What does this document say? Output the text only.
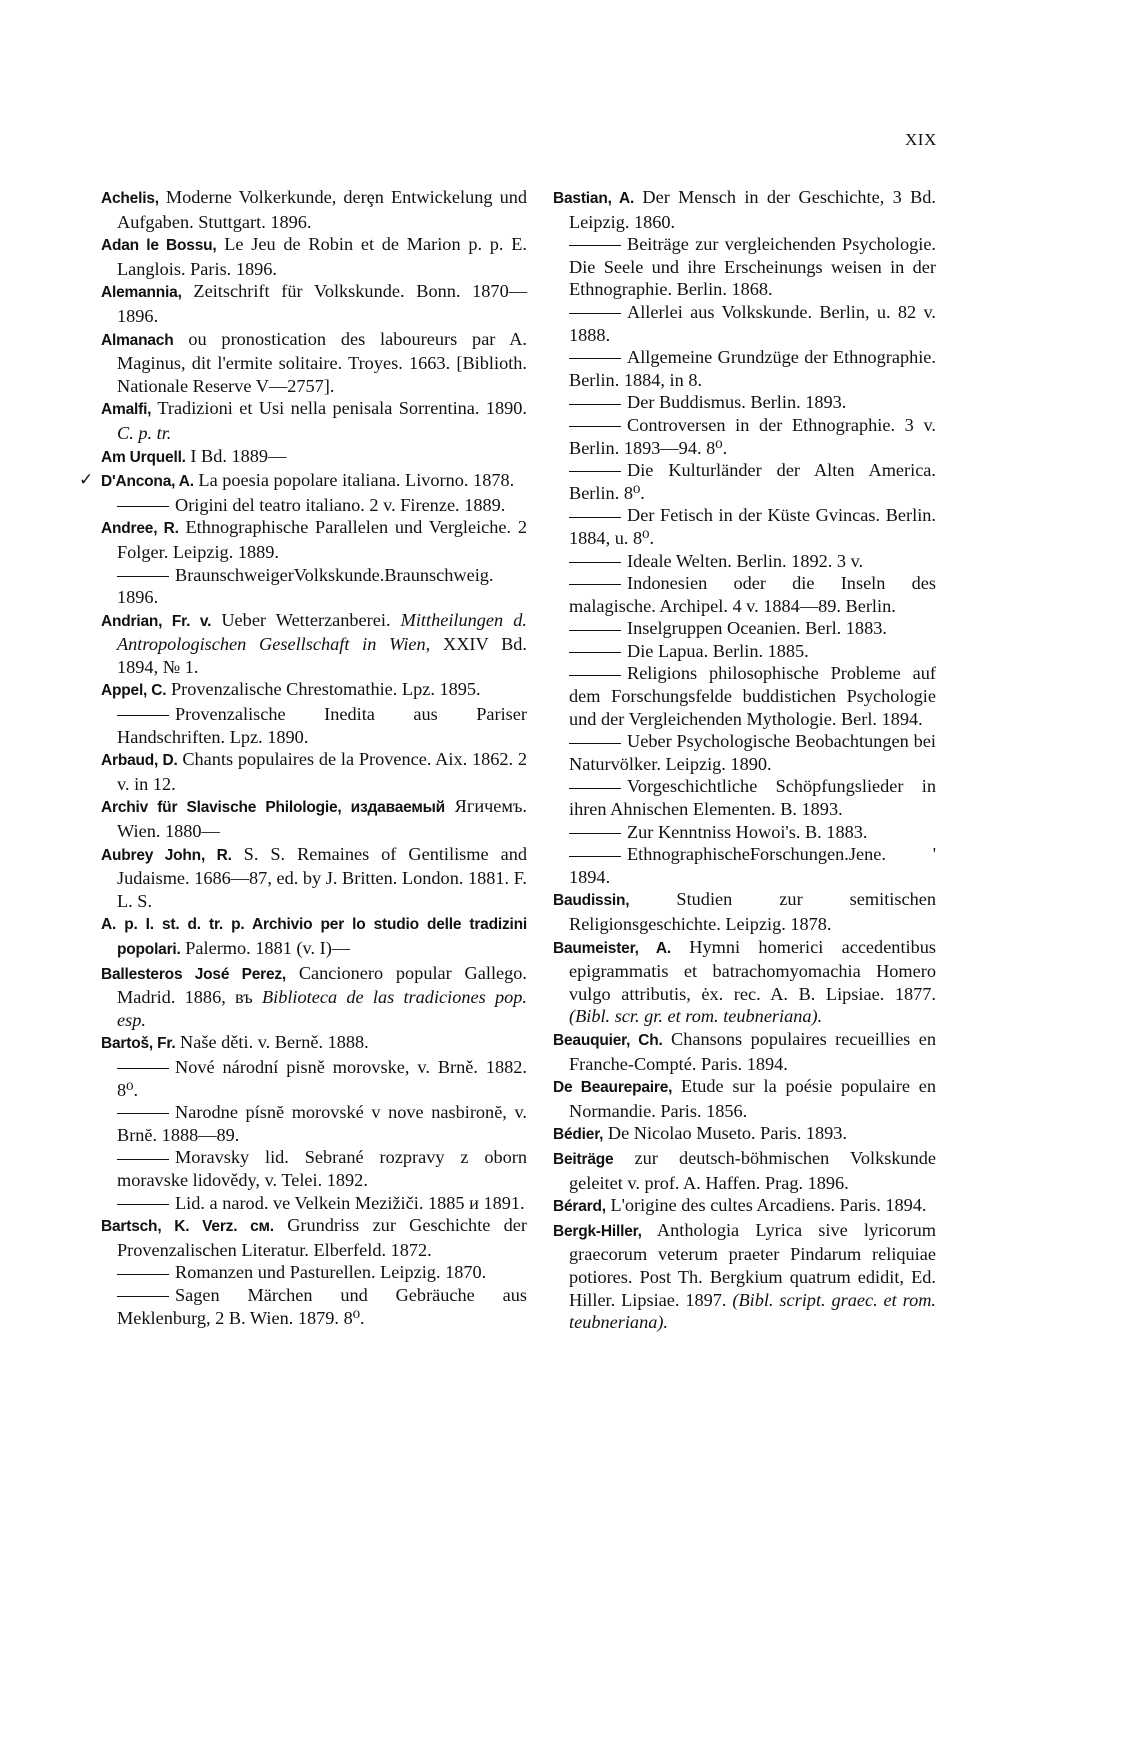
XIX

Achelis, Moderne Volkerkunde, derȩn Entwickelung und Aufgaben. Stuttgart. 1896.

Adan le Bossu, Le Jeu de Robin et de Marion p. p. E. Langlois. Paris. 1896.

Alemannia, Zeitschrift für Volkskunde. Bonn. 1870—1896.

Almanach ou pronostication des laboureurs par A. Maginus, dit l'ermite solitaire. Troyes. 1663. [Biblioth. Nationale Reserve V—2757].

Amalfi, Tradizioni et Usi nella penisala Sorrentina. 1890. C. p. tr.

Am Urquell. I Bd. 1889—

✓ D'Ancona, A. La poesia popolare italiana. Livorno. 1878.

Origini del teatro italiano. 2 v. Firenze. 1889.

Andree, R. Ethnographische Parallelen und Vergleiche. 2 Folger. Leipzig. 1889.

BraunschweigerVolkskunde.Braunschweig. 1896.

Andrian, Fr. v. Ueber Wetterzanberei. Mittheilungen d. Antropologischen Gesellschaft in Wien, XXIV Bd. 1894, № 1.

Appel, C. Provenzalische Chrestomathie. Lpz. 1895.

Provenzalische Inedita aus Pariser Handschriften. Lpz. 1890.

Arbaud, D. Chants populaires de la Provence. Aix. 1862. 2 v. in 12.

Archiv für Slavische Philologie, издаваемый Ягичемъ. Wien. 1880—

Aubrey John, R. S. S. Remaines of Gentilisme and Judaisme. 1686—87, ed. by J. Britten. London. 1881. F. L. S.

A. p. I. st. d. tr. p. Archivio per lo studio delle tradizini popolari. Palermo. 1881 (v. I)—

Ballesteros José Perez, Cancionero popular Gallego. Madrid. 1886, въ Biblioteca de las tradiciones pop. esp.

Bartoš, Fr. Naše děti. v. Berně. 1888.

Nové národní pisně morovske, v. Brně. 1882. 8⁰.

Narodne písnĕ morovské v nove nasbironĕ, v. Brnĕ. 1888—89.

Moravsky lid. Sebrané rozpravy z oborn moravske lidovědy, v. Telei. 1892.

Lid. a narod. ve Velkein Mezižiči. 1885 и 1891.

Bartsch, K. Verz. см. Grundriss zur Geschichte der Provenzalischen Literatur. Elberfeld. 1872.

Romanzen und Pasturellen. Leipzig. 1870.

Sagen Märchen und Gebräuche aus Meklenburg, 2 B. Wien. 1879. 8⁰.

Bastian, A. Der Mensch in der Geschichte, 3 Bd. Leipzig. 1860.

Beiträge zur vergleichenden Psychologie. Die Seele und ihre Erscheinungs weisen in der Ethnographie. Berlin. 1868.

Allerlei aus Volkskunde. Berlin, u. 82 v. 1888.

Allgemeine Grundzüge der Ethnographie. Berlin. 1884, in 8.

Der Buddismus. Berlin. 1893.

Controversen in der Ethnographie. 3 v. Berlin. 1893—94. 8⁰.

Die Kulturländer der Alten America. Berlin. 8⁰.

Der Fetisch in der Küste Gvincas. Berlin. 1884, u. 8⁰.

Ideale Welten. Berlin. 1892. 3 v.

Indonesien oder die Inseln des malagische. Archipel. 4 v. 1884—89. Berlin.

Inselgruppen Oceanien. Berl. 1883.

Die Lapua. Berlin. 1885.

Religions philosophische Probleme auf dem Forschungsfelde buddistichen Psychologie und der Vergleichenden Mythologie. Berl. 1894.

Ueber Psychologische Beobachtungen bei Naturvölker. Leipzig. 1890.

Vorgeschichtliche Schöpfungslieder in ihren Ahnischen Elementen. B. 1893.

Zur Kenntniss Howoi's. B. 1883.

EthnographischeForschungen.Jene. ' 1894.

Baudissin, Studien zur semitischen Religionsgeschichte. Leipzig. 1878.

Baumeister, A. Hymni homerici accedentibus epigrammatis et batrachomyomachia Homero vulgo attributis, ėx. rec. A. B. Lipsiae. 1877. (Bibl. scr. gr. et rom. teubneriana).

Beauquier, Ch. Chansons populaires recueillies en Franche-Compté. Paris. 1894.

De Beaurepaire, Etude sur la poésie populaire en Normandie. Paris. 1856.

Bédier, De Nicolao Museto. Paris. 1893.

Beiträge zur deutsch-böhmischen Volkskunde geleitet v. prof. A. Haffen. Prag. 1896.

Bérard, L'origine des cultes Arcadiens. Paris. 1894.

Bergk-Hiller, Anthologia Lyrica sive lyricorum graecorum veterum praeter Pindarum reliquiae potiores. Post Th. Bergkium quatrum edidit, Ed. Hiller. Lipsiae. 1897. (Bibl. script. graec. et rom. teubneriana).
